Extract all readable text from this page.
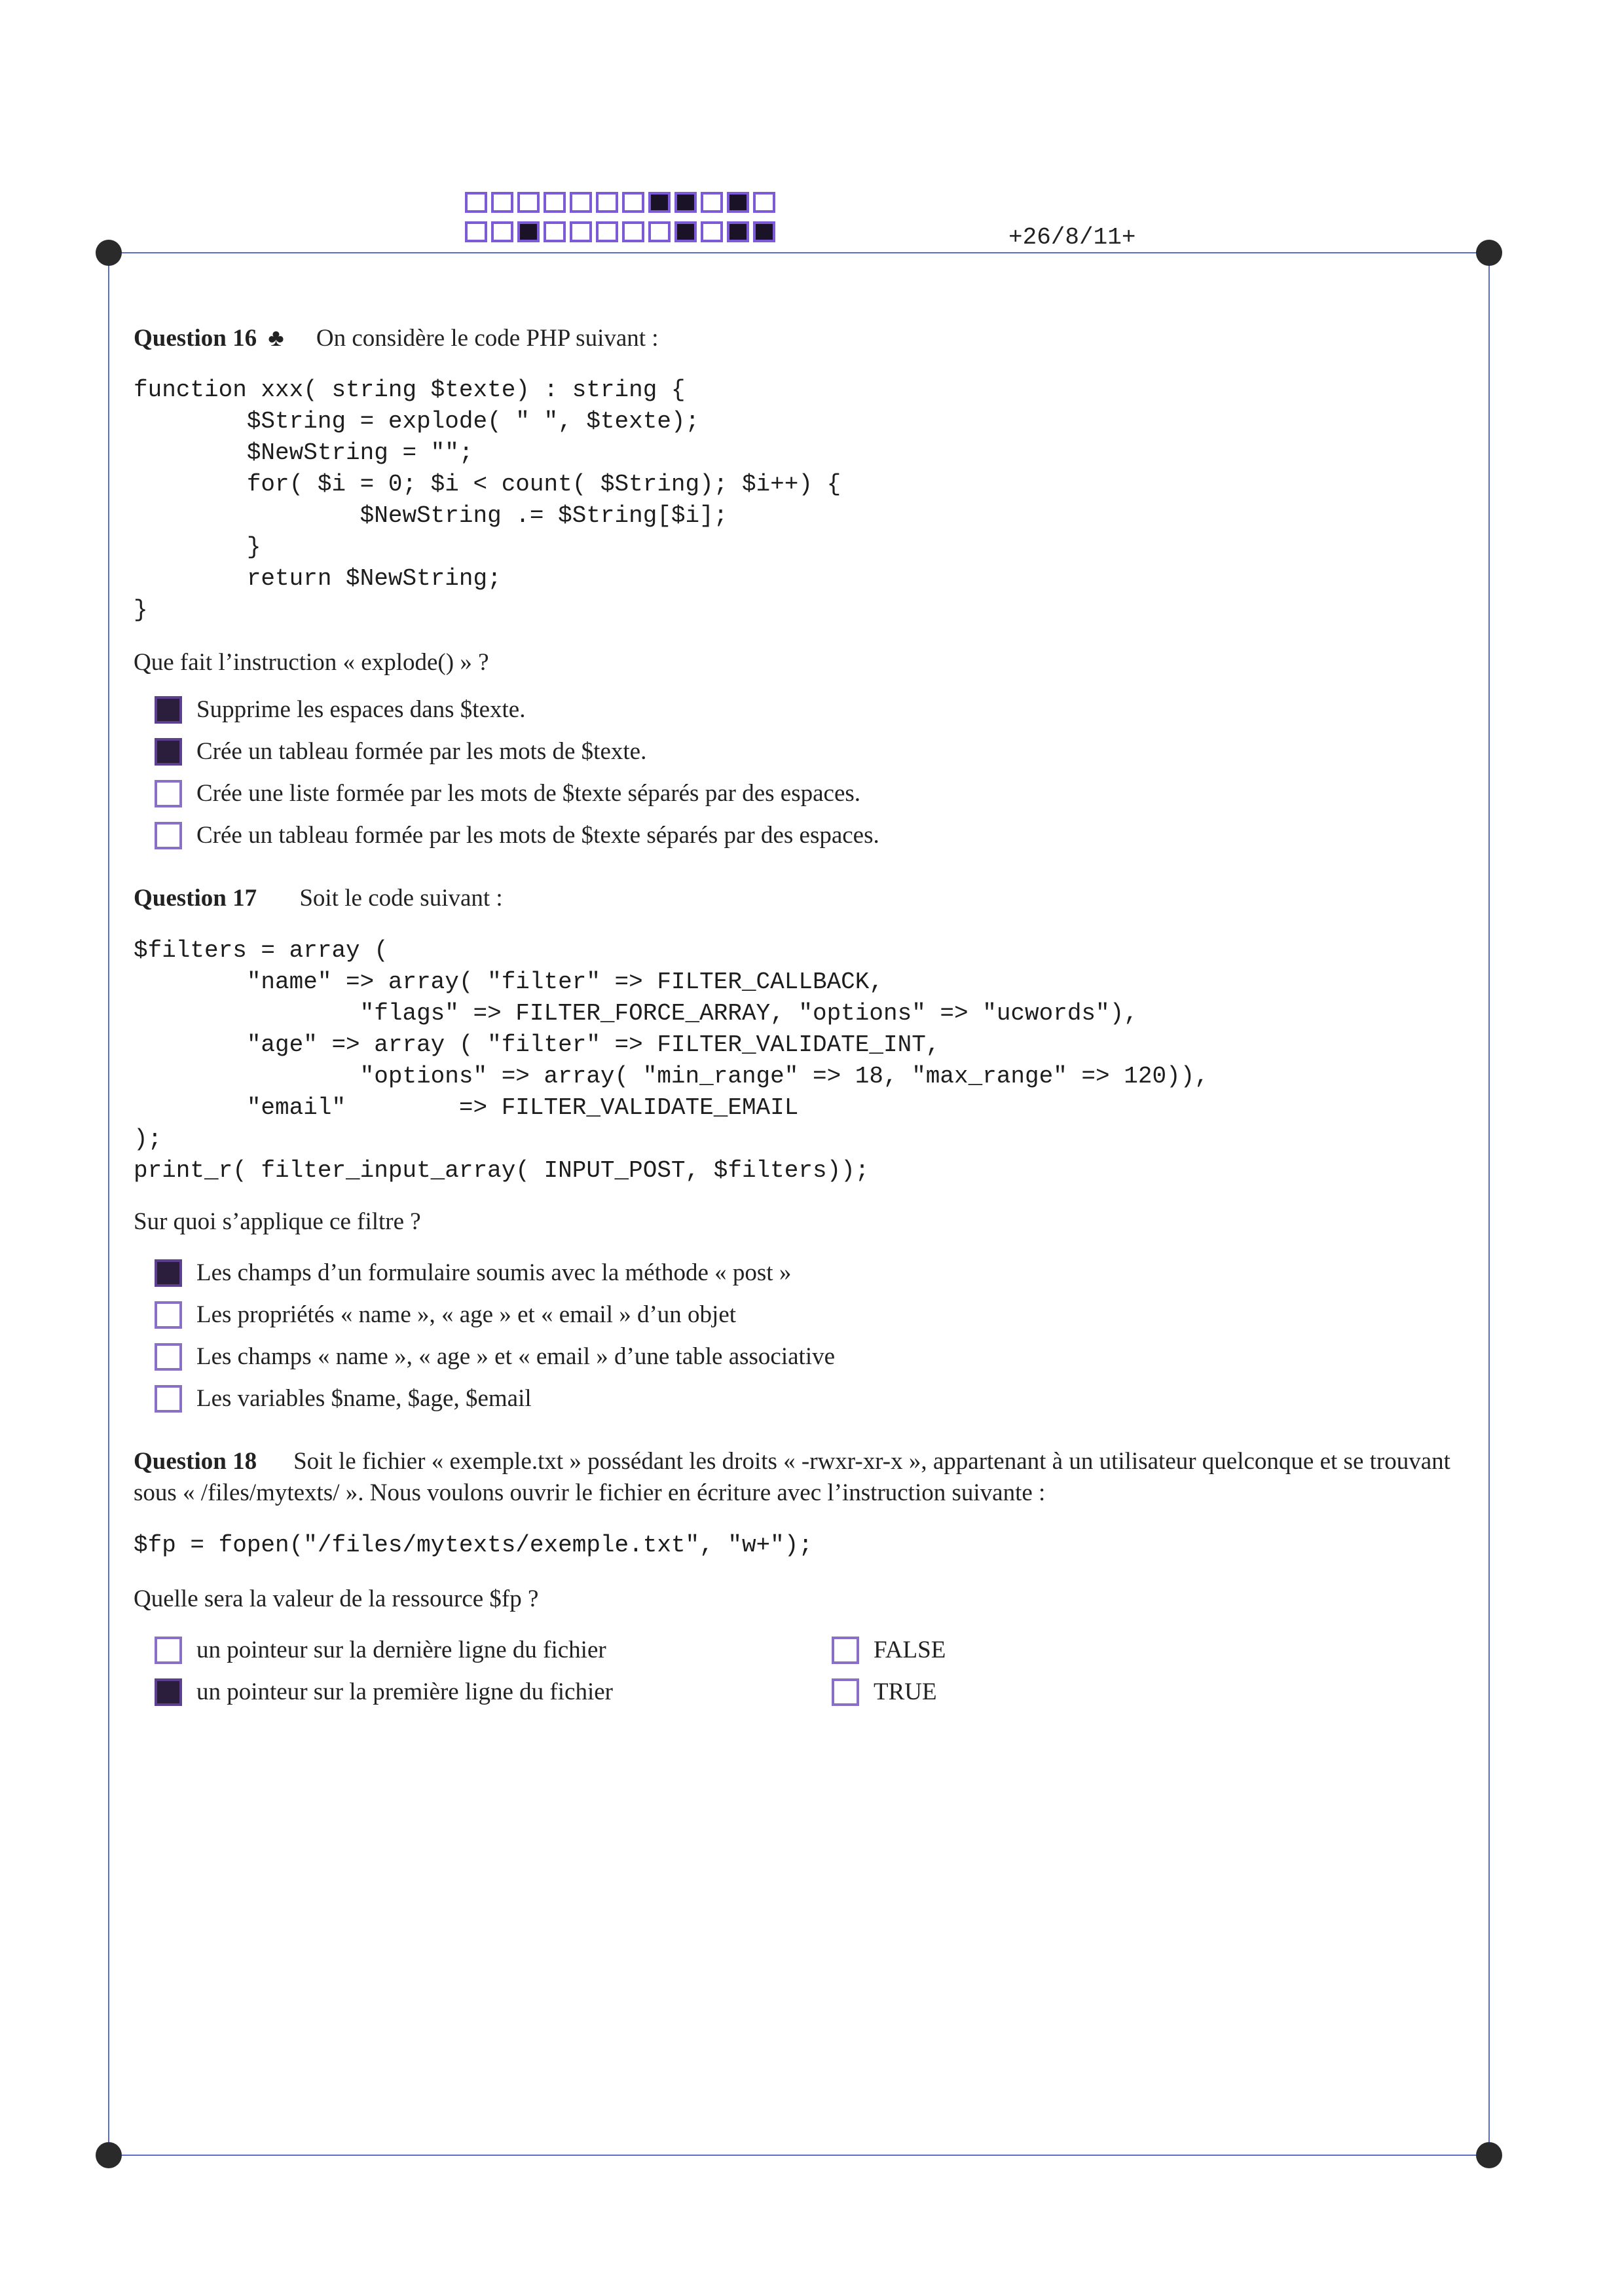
+26/8/11+
Question 16 ♣ On considère le code PHP suivant :
function xxx( string $texte) : string {
$String = explode( " ", $texte);
$NewString = "";
for( $i = 0; $i < count( $String); $i++) {
$NewString .= $String[$i];
}
return $NewString;
}
Que fait l’instruction « explode() » ?
Supprime les espaces dans $texte.
Crée un tableau formée par les mots de $texte.
Crée une liste formée par les mots de $texte séparés par des espaces.
Crée un tableau formée par les mots de $texte séparés par des espaces.
Question 17 Soit le code suivant :
$filters = array (
"name" => array( "filter" => FILTER_CALLBACK,
"flags" => FILTER_FORCE_ARRAY, "options" => "ucwords"),
"age" => array ( "filter" => FILTER_VALIDATE_INT,
"options" => array( "min_range" => 18, "max_range" => 120)),
"email"        => FILTER_VALIDATE_EMAIL
);
print_r( filter_input_array( INPUT_POST, $filters));
Sur quoi s’applique ce filtre ?
Les champs d’un formulaire soumis avec la méthode « post »
Les propriétés « name », « age » et « email » d’un objet
Les champs « name », « age » et « email » d’une table associative
Les variables $name, $age, $email
Question 18 Soit le fichier « exemple.txt » possédant les droits « -rwxr-xr-x », appartenant à un utilisateur quelconque et se trouvant sous « /files/mytexts/ ». Nous voulons ouvrir le fichier en écriture avec l’instruction suivante :
$fp = fopen("/files/mytexts/exemple.txt", "w+");
Quelle sera la valeur de la ressource $fp ?
un pointeur sur la dernière ligne du fichier
un pointeur sur la première ligne du fichier
FALSE
TRUE
